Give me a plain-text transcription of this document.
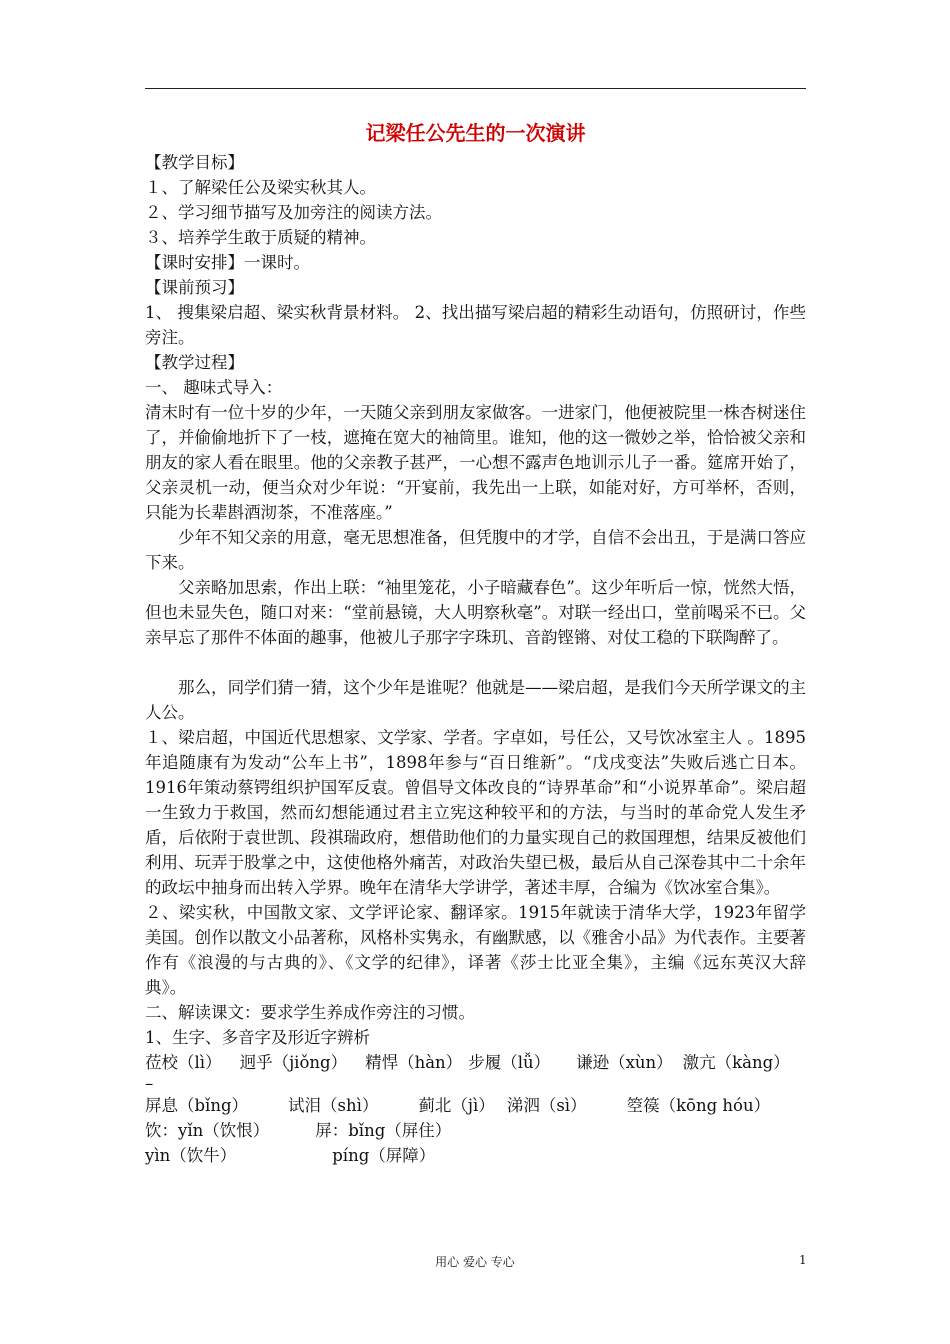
记梁任公先生的一次演讲

【教学目标】

１、了解梁任公及梁实秋其人。

２、学习细节描写及加旁注的阅读方法。

３、培养学生敢于质疑的精神。

【课时安排】一课时。

【课前预习】

1、 搜集梁启超、梁实秋背景材料。 2、找出描写梁启超的精彩生动语句，仿照研讨，作些旁注。

【教学过程】

一、 趣味式导入：

清末时有一位十岁的少年，一天随父亲到朋友家做客。一进家门，他便被院里一株杏树迷住了，并偷偷地折下了一枝，遮掩在宽大的袖筒里。谁知，他的这一微妙之举，恰恰被父亲和朋友的家人看在眼里。他的父亲教子甚严，一心想不露声色地训示儿子一番。筵席开始了，父亲灵机一动，便当众对少年说：“开宴前，我先出一上联，如能对好，方可举杯，否则，只能为长辈斟酒沏茶，不准落座。”

少年不知父亲的用意，毫无思想准备，但凭腹中的才学，自信不会出丑，于是满口答应下来。

父亲略加思索，作出上联：“袖里笼花，小子暗藏春色”。这少年听后一惊，恍然大悟，但也未显失色，随口对来：“堂前悬镜，大人明察秋毫”。对联一经出口，堂前喝采不已。父亲早忘了那件不体面的趣事，他被儿子那字字珠玑、音韵铿锵、对仗工稳的下联陶醉了。

那么，同学们猜一猜，这个少年是谁呢？他就是——梁启超，是我们今天所学课文的主人公。

１、梁启超，中国近代思想家、文学家、学者。字卓如，号任公，又号饮冰室主人 。1895年追随康有为发动“公车上书”，1898年参与“百日维新”。“戊戌变法”失败后逃亡日本。1916年策动蔡锷组织护国军反袁。曾倡导文体改良的“诗界革命”和“小说界革命”。梁启超一生致力于救国，然而幻想能通过君主立宪这种较平和的方法，与当时的革命党人发生矛盾，后依附于袁世凯、段祺瑞政府，想借助他们的力量实现自己的救国理想，结果反被他们利用、玩弄于股掌之中，这使他格外痛苦，对政治失望已极，最后从自己深卷其中二十余年的政坛中抽身而出转入学界。晚年在清华大学讲学，著述丰厚，合编为《饮冰室合集》。

２、梁实秋，中国散文家、文学评论家、翻译家。1915年就读于清华大学，1923年留学美国。创作以散文小品著称，风格朴实隽永，有幽默感，以《雅舍小品》为代表作。主要著作有《浪漫的与古典的》、《文学的纪律》，译著《莎士比亚全集》，主编《远东英汉大辞典》。

二、解读课文：要求学生养成作旁注的习惯。

1、生字、多音字及形近字辨析

莅校（lì） 迥乎（jiǒng） 精悍（hàn） 步履（lǚ） 谦逊（xùn） 激亢（kàng）
–
屏息（bǐng） 试泪（shì） 蓟北（jì） 涕泗（sì） 箜篌（kōng hóu）
饮：yǐn（饮恨）	屏：bǐng（屏住）
yìn（饮牛）	píng（屏障）
用心 爱心 专心	1
